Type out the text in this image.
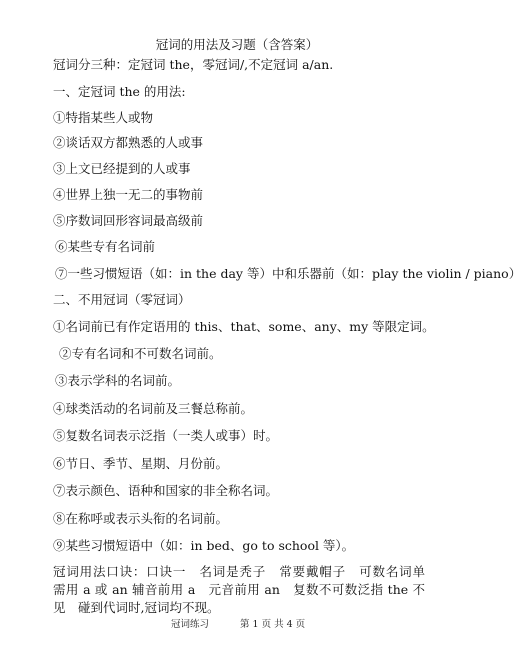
冠词的用法及习题（含答案）
冠词分三种：定冠词 the，零冠词/,不定冠词 a/an.
一、定冠词 the 的用法:
①特指某些人或物
②谈话双方都熟悉的人或事
③上文已经提到的人或事
④世界上独一无二的事物前
⑤序数词回形容词最高级前
⑥某些专有名词前
⑦一些习惯短语（如：in the day 等）中和乐器前（如：play the violin / piano）
二、不用冠词（零冠词）
①名词前已有作定语用的 this、that、some、any、my 等限定词。
②专有名词和不可数名词前。
③表示学科的名词前。
④球类活动的名词前及三餐总称前。
⑤复数名词表示泛指（一类人或事）时。
⑥节日、季节、星期、月份前。
⑦表示颜色、语种和国家的非全称名词。
⑧在称呼或表示头衔的名词前。
⑨某些习惯短语中（如：in bed、go to school 等）。
冠词用法口诀：口诀一　名词是秃子　常要戴帽子　可数名词单　需用 a 或 an 辅音前用 a　元音前用 an　复数不可数泛指 the 不见　碰到代词时,冠词均不现。
冠词练习	第 1 页 共 4 页
